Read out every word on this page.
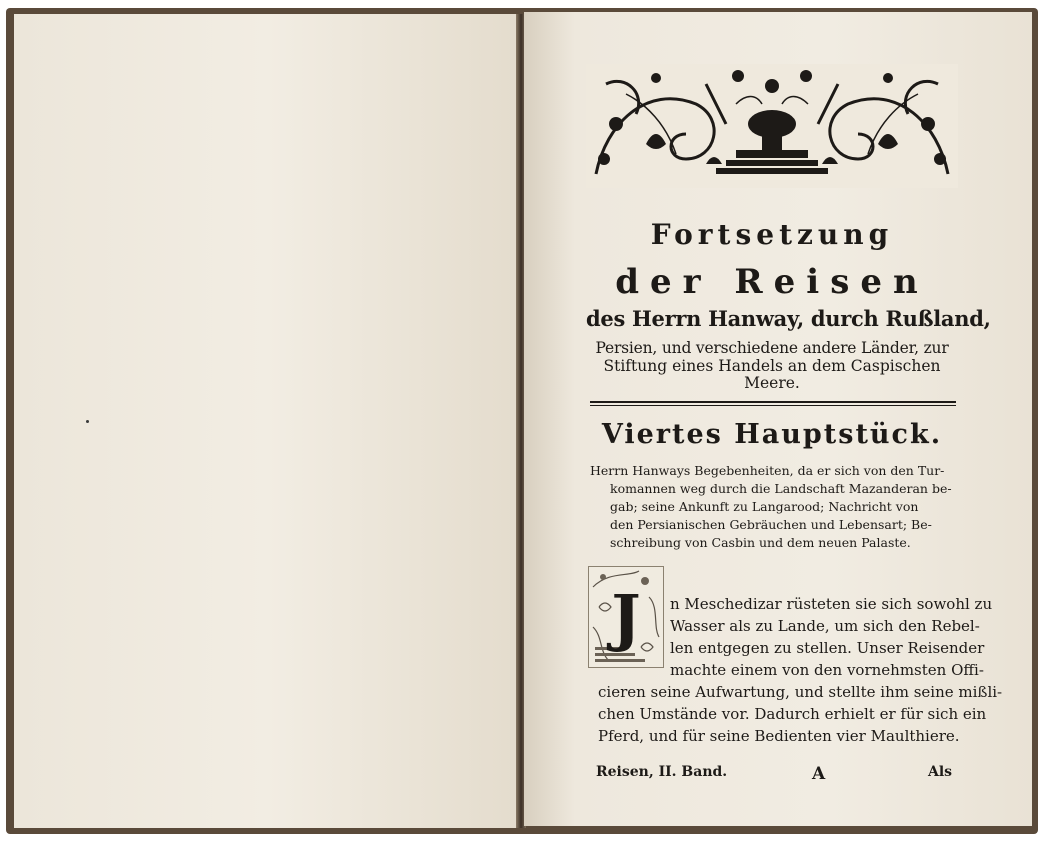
Fortsetzung
der Reisen
des Herrn Hanway, durch Rußland,
Persien, und verschiedene andere Länder, zur
Stiftung eines Handels an dem Caspischen
Meere.
Viertes Hauptstück.
Herrn Hanways Begebenheiten, da er sich von den Tur-
komannen weg durch die Landschaft Mazanderan be-
gab; seine Ankunft zu Langarood; Nachricht von
den Persianischen Gebräuchen und Lebensart; Be-
schreibung von Casbin und dem neuen Palaste.
J	n Meschedizar rüsteten sie sich sowohl zu
Wasser als zu Lande, um sich den Rebel-
len entgegen zu stellen. Unser Reisender
machte einem von den vornehmsten Offi-
cieren seine Aufwartung, und stellte ihm seine mißli-
chen Umstände vor. Dadurch erhielt er für sich ein
Pferd, und für seine Bedienten vier Maulthiere.
Reisen, II. Band.	A	Als
